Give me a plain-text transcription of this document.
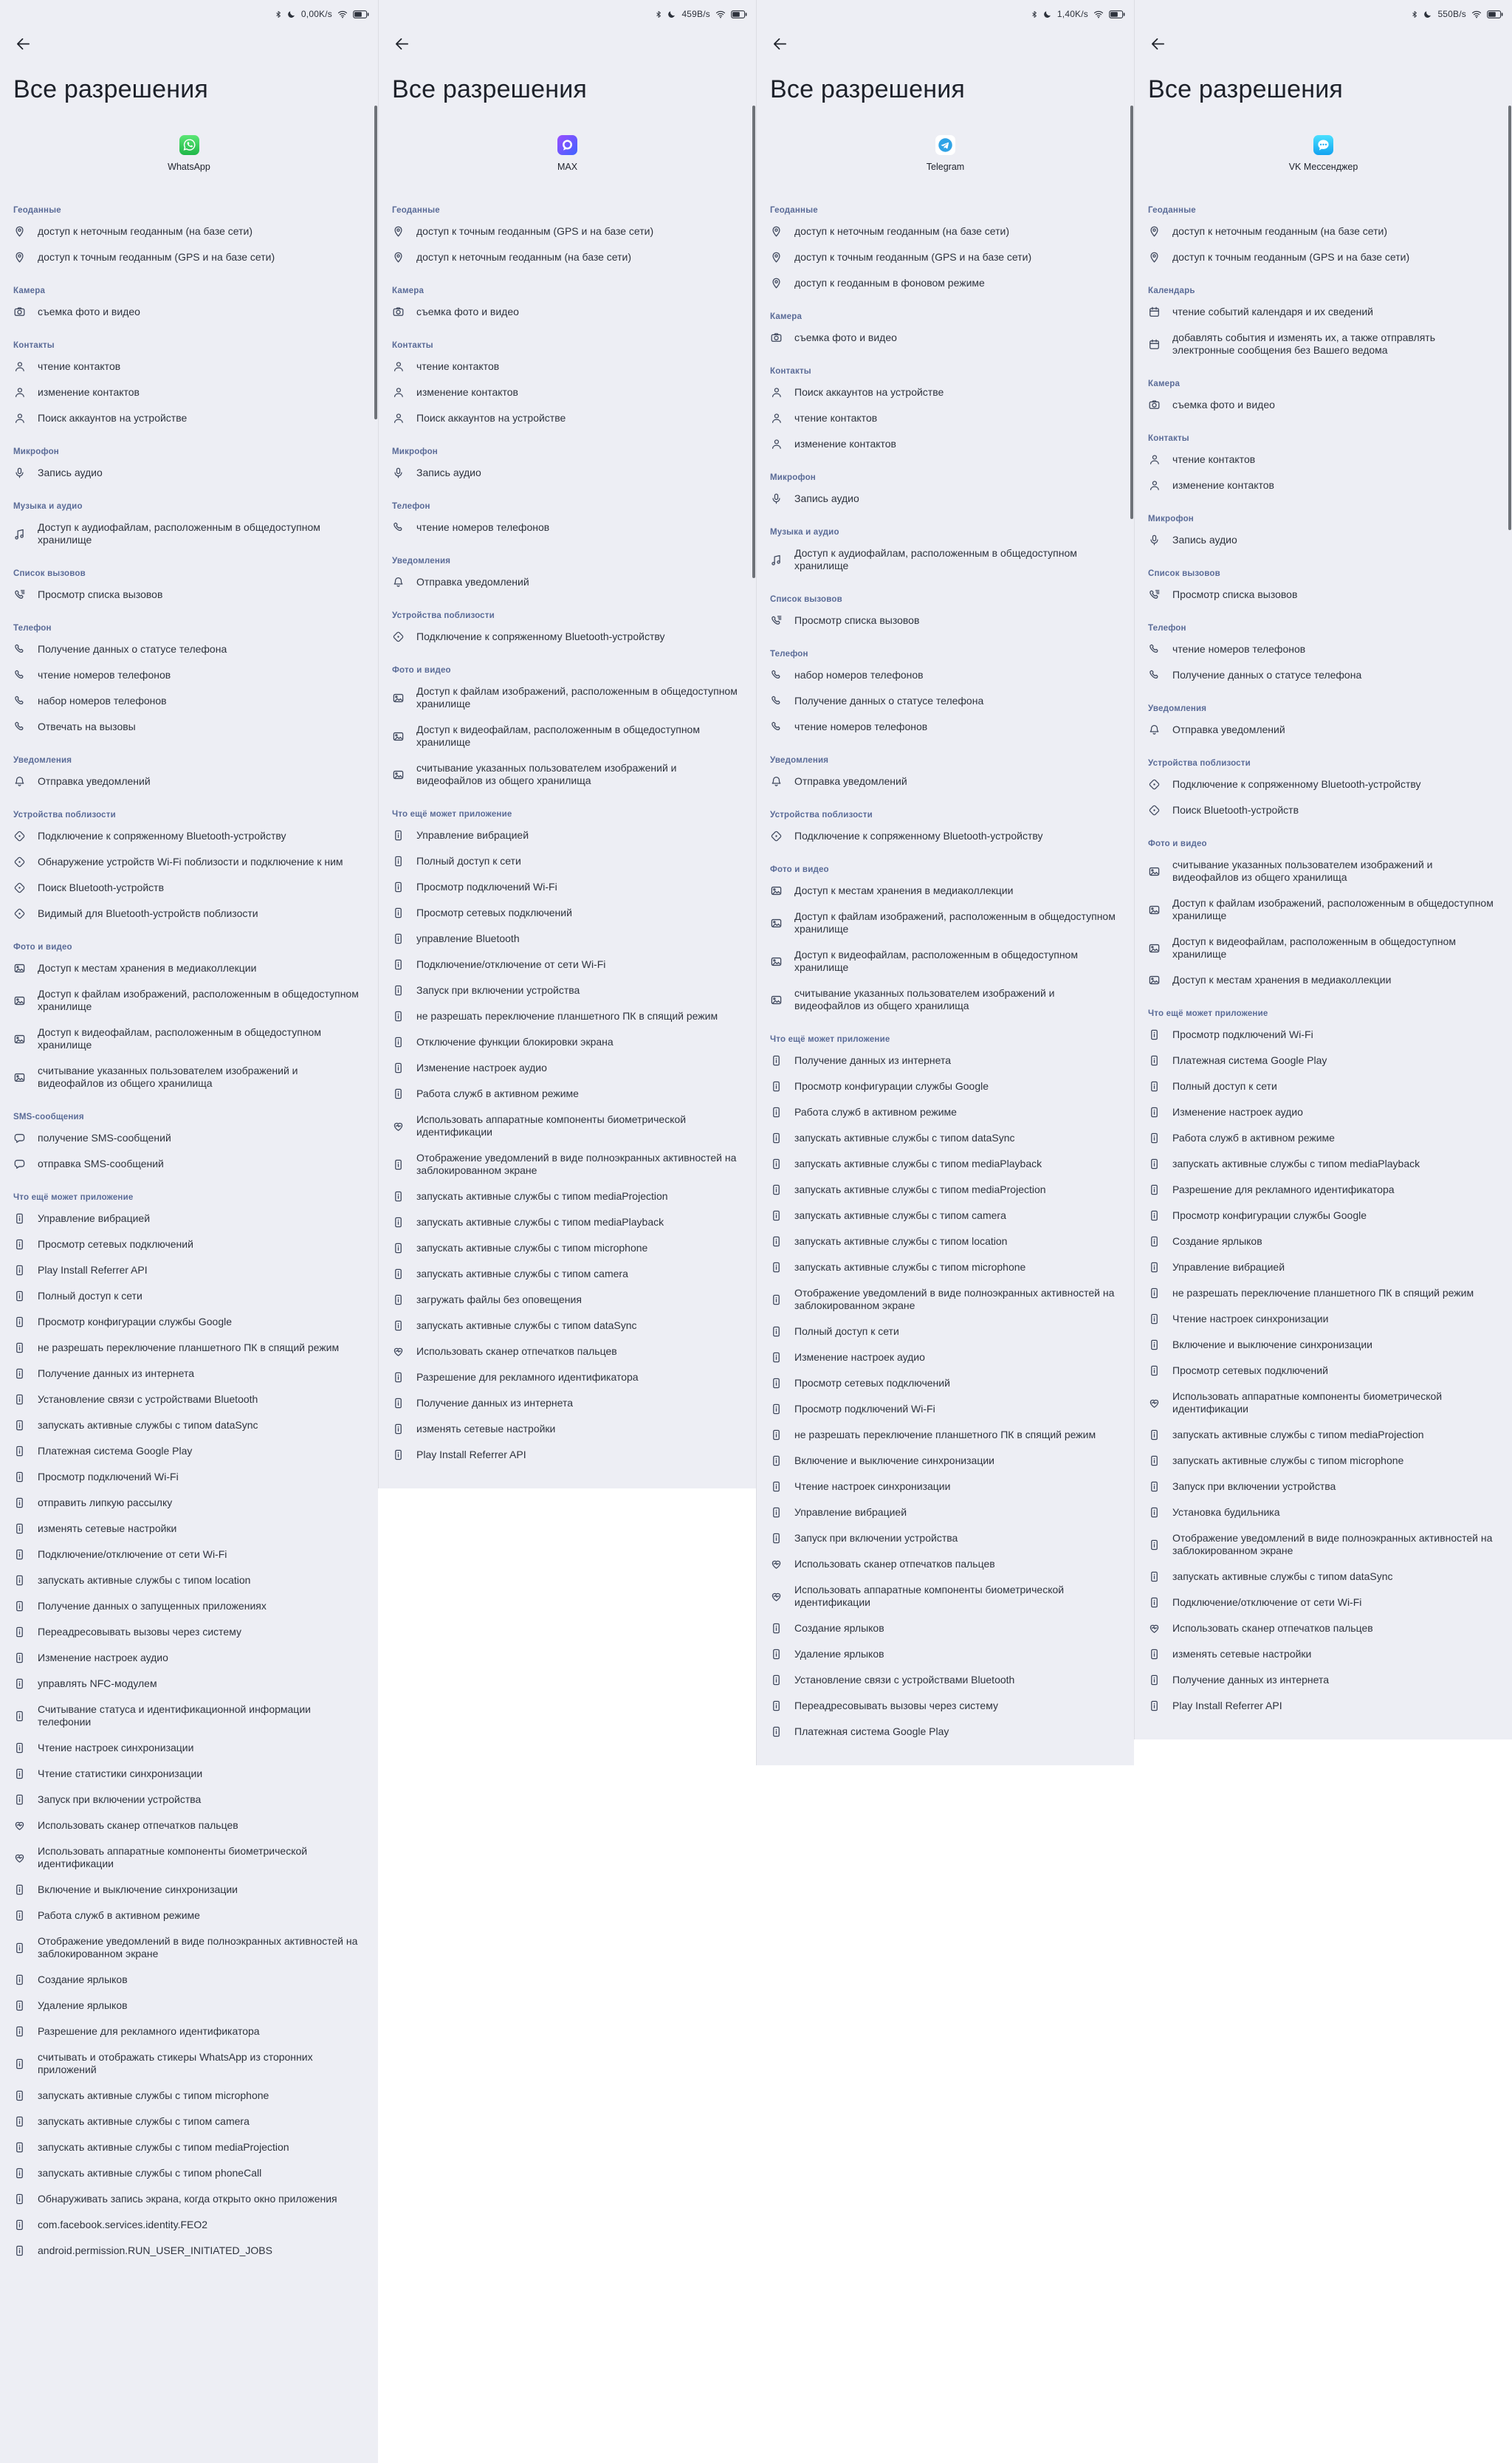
0,00K/s
Все разрешения
WhatsApp
Геоданные
доступ к неточным геоданным (на базе сети)
доступ к точным геоданным (GPS и на базе сети)
Камера
съемка фото и видео
Контакты
чтение контактов
изменение контактов
Поиск аккаунтов на устройстве
Микрофон
Запись аудио
Музыка и аудио
Доступ к аудиофайлам, расположенным в общедоступном хранилище
Список вызовов
Просмотр списка вызовов
Телефон
Получение данных о статусе телефона
чтение номеров телефонов
набор номеров телефонов
Отвечать на вызовы
Уведомления
Отправка уведомлений
Устройства поблизости
Подключение к сопряженному Bluetooth-устройству
Обнаружение устройств Wi-Fi поблизости и подключение к ним
Поиск Bluetooth-устройств
Видимый для Bluetooth-устройств поблизости
Фото и видео
Доступ к местам хранения в медиаколлекции
Доступ к файлам изображений, расположенным в общедоступном хранилище
Доступ к видеофайлам, расположенным в общедоступном хранилище
считывание указанных пользователем изображений и видеофайлов из общего хранилища
SMS-сообщения
получение SMS-сообщений
отправка SMS-сообщений
Что ещё может приложение
Управление вибрацией
Просмотр сетевых подключений
Play Install Referrer API
Полный доступ к сети
Просмотр конфигурации службы Google
не разрешать переключение планшетного ПК в спящий режим
Получение данных из интернета
Установление связи с устройствами Bluetooth
запускать активные службы с типом dataSync
Платежная система Google Play
Просмотр подключений Wi-Fi
отправить липкую рассылку
изменять сетевые настройки
Подключение/отключение от сети Wi-Fi
запускать активные службы с типом location
Получение данных о запущенных приложениях
Переадресовывать вызовы через систему
Изменение настроек аудио
управлять NFC-модулем
Считывание статуса и идентификационной информации телефонии
Чтение настроек синхронизации
Чтение статистики синхронизации
Запуск при включении устройства
Использовать сканер отпечатков пальцев
Использовать аппаратные компоненты биометрической идентификации
Включение и выключение синхронизации
Работа служб в активном режиме
Отображение уведомлений в виде полноэкранных активностей на заблокированном экране
Создание ярлыков
Удаление ярлыков
Разрешение для рекламного идентификатора
считывать и отображать стикеры WhatsApp из сторонних приложений
запускать активные службы с типом microphone
запускать активные службы с типом camera
запускать активные службы с типом mediaProjection
запускать активные службы с типом phoneCall
Обнаруживать запись экрана, когда открыто окно приложения
com.facebook.services.identity.FEO2
android.permission.RUN_USER_INITIATED_JOBS
459B/s
Все разрешения
MAX
Геоданные
доступ к точным геоданным (GPS и на базе сети)
доступ к неточным геоданным (на базе сети)
Камера
съемка фото и видео
Контакты
чтение контактов
изменение контактов
Поиск аккаунтов на устройстве
Микрофон
Запись аудио
Телефон
чтение номеров телефонов
Уведомления
Отправка уведомлений
Устройства поблизости
Подключение к сопряженному Bluetooth-устройству
Фото и видео
Доступ к файлам изображений, расположенным в общедоступном хранилище
Доступ к видеофайлам, расположенным в общедоступном хранилище
считывание указанных пользователем изображений и видеофайлов из общего хранилища
Что ещё может приложение
Управление вибрацией
Полный доступ к сети
Просмотр подключений Wi-Fi
Просмотр сетевых подключений
управление Bluetooth
Подключение/отключение от сети Wi-Fi
Запуск при включении устройства
не разрешать переключение планшетного ПК в спящий режим
Отключение функции блокировки экрана
Изменение настроек аудио
Работа служб в активном режиме
Использовать аппаратные компоненты биометрической идентификации
Отображение уведомлений в виде полноэкранных активностей на заблокированном экране
запускать активные службы с типом mediaProjection
запускать активные службы с типом mediaPlayback
запускать активные службы с типом microphone
запускать активные службы с типом camera
загружать файлы без оповещения
запускать активные службы с типом dataSync
Использовать сканер отпечатков пальцев
Разрешение для рекламного идентификатора
Получение данных из интернета
изменять сетевые настройки
Play Install Referrer API
1,40K/s
Все разрешения
Telegram
Геоданные
доступ к неточным геоданным (на базе сети)
доступ к точным геоданным (GPS и на базе сети)
доступ к геоданным в фоновом режиме
Камера
съемка фото и видео
Контакты
Поиск аккаунтов на устройстве
чтение контактов
изменение контактов
Микрофон
Запись аудио
Музыка и аудио
Доступ к аудиофайлам, расположенным в общедоступном хранилище
Список вызовов
Просмотр списка вызовов
Телефон
набор номеров телефонов
Получение данных о статусе телефона
чтение номеров телефонов
Уведомления
Отправка уведомлений
Устройства поблизости
Подключение к сопряженному Bluetooth-устройству
Фото и видео
Доступ к местам хранения в медиаколлекции
Доступ к файлам изображений, расположенным в общедоступном хранилище
Доступ к видеофайлам, расположенным в общедоступном хранилище
считывание указанных пользователем изображений и видеофайлов из общего хранилища
Что ещё может приложение
Получение данных из интернета
Просмотр конфигурации службы Google
Работа служб в активном режиме
запускать активные службы с типом dataSync
запускать активные службы с типом mediaPlayback
запускать активные службы с типом mediaProjection
запускать активные службы с типом camera
запускать активные службы с типом location
запускать активные службы с типом microphone
Отображение уведомлений в виде полноэкранных активностей на заблокированном экране
Полный доступ к сети
Изменение настроек аудио
Просмотр сетевых подключений
Просмотр подключений Wi-Fi
не разрешать переключение планшетного ПК в спящий режим
Включение и выключение синхронизации
Чтение настроек синхронизации
Управление вибрацией
Запуск при включении устройства
Использовать сканер отпечатков пальцев
Использовать аппаратные компоненты биометрической идентификации
Создание ярлыков
Удаление ярлыков
Установление связи с устройствами Bluetooth
Переадресовывать вызовы через систему
Платежная система Google Play
550B/s
Все разрешения
VK Мессенджер
Геоданные
доступ к неточным геоданным (на базе сети)
доступ к точным геоданным (GPS и на базе сети)
Календарь
чтение событий календаря и их сведений
добавлять события и изменять их, а также отправлять электронные сообщения без Вашего ведома
Камера
съемка фото и видео
Контакты
чтение контактов
изменение контактов
Микрофон
Запись аудио
Список вызовов
Просмотр списка вызовов
Телефон
чтение номеров телефонов
Получение данных о статусе телефона
Уведомления
Отправка уведомлений
Устройства поблизости
Подключение к сопряженному Bluetooth-устройству
Поиск Bluetooth-устройств
Фото и видео
считывание указанных пользователем изображений и видеофайлов из общего хранилища
Доступ к файлам изображений, расположенным в общедоступном хранилище
Доступ к видеофайлам, расположенным в общедоступном хранилище
Доступ к местам хранения в медиаколлекции
Что ещё может приложение
Просмотр подключений Wi-Fi
Платежная система Google Play
Полный доступ к сети
Изменение настроек аудио
Работа служб в активном режиме
запускать активные службы с типом mediaPlayback
Разрешение для рекламного идентификатора
Просмотр конфигурации службы Google
Создание ярлыков
Управление вибрацией
не разрешать переключение планшетного ПК в спящий режим
Чтение настроек синхронизации
Включение и выключение синхронизации
Просмотр сетевых подключений
Использовать аппаратные компоненты биометрической идентификации
запускать активные службы с типом mediaProjection
запускать активные службы с типом microphone
Запуск при включении устройства
Установка будильника
Отображение уведомлений в виде полноэкранных активностей на заблокированном экране
запускать активные службы с типом dataSync
Подключение/отключение от сети Wi-Fi
Использовать сканер отпечатков пальцев
изменять сетевые настройки
Получение данных из интернета
Play Install Referrer API
